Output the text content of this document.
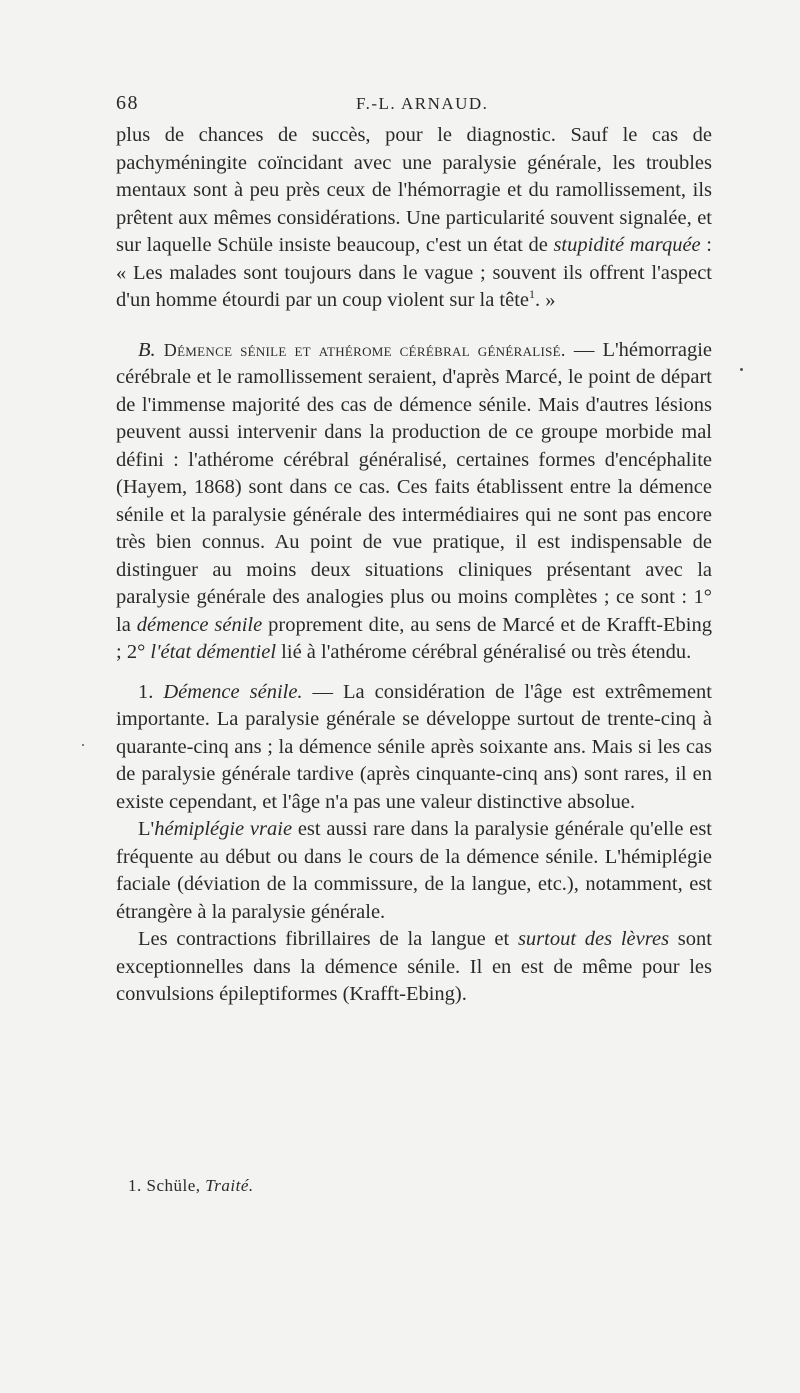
68	F.-L. ARNAUD.

plus de chances de succès, pour le diagnostic. Sauf le cas de pachyméningite coïncidant avec une paralysie générale, les troubles mentaux sont à peu près ceux de l'hémorragie et du ramollissement, ils prêtent aux mêmes considérations. Une particularité souvent signalée, et sur laquelle Schüle insiste beaucoup, c'est un état de stupidité marquée : « Les malades sont toujours dans le vague ; souvent ils offrent l'aspect d'un homme étourdi par un coup violent sur la tête$^1$. »

B. Démence sénile et athérome cérébral généralisé. — L'hémorragie cérébrale et le ramollissement seraient, d'après Marcé, le point de départ de l'immense majorité des cas de démence sénile. Mais d'autres lésions peuvent aussi intervenir dans la production de ce groupe morbide mal défini : l'athérome cérébral généralisé, certaines formes d'encéphalite (Hayem, 1868) sont dans ce cas. Ces faits établissent entre la démence sénile et la paralysie générale des intermédiaires qui ne sont pas encore très bien connus. Au point de vue pratique, il est indispensable de distinguer au moins deux situations cliniques présentant avec la paralysie générale des analogies plus ou moins complètes ; ce sont : 1° la démence sénile proprement dite, au sens de Marcé et de Krafft-Ebing ; 2° l'état démentiel lié à l'athérome cérébral généralisé ou très étendu.

1. Démence sénile. — La considération de l'âge est extrêmement importante. La paralysie générale se développe surtout de trente-cinq à quarante-cinq ans ; la démence sénile après soixante ans. Mais si les cas de paralysie générale tardive (après cinquante-cinq ans) sont rares, il en existe cependant, et l'âge n'a pas une valeur distinctive absolue.

L'hémiplégie vraie est aussi rare dans la paralysie générale qu'elle est fréquente au début ou dans le cours de la démence sénile. L'hémiplégie faciale (déviation de la commissure, de la langue, etc.), notamment, est étrangère à la paralysie générale.

Les contractions fibrillaires de la langue et surtout des lèvres sont exceptionnelles dans la démence sénile. Il en est de même pour les convulsions épileptiformes (Krafft-Ebing).

1. Schüle, Traité.
